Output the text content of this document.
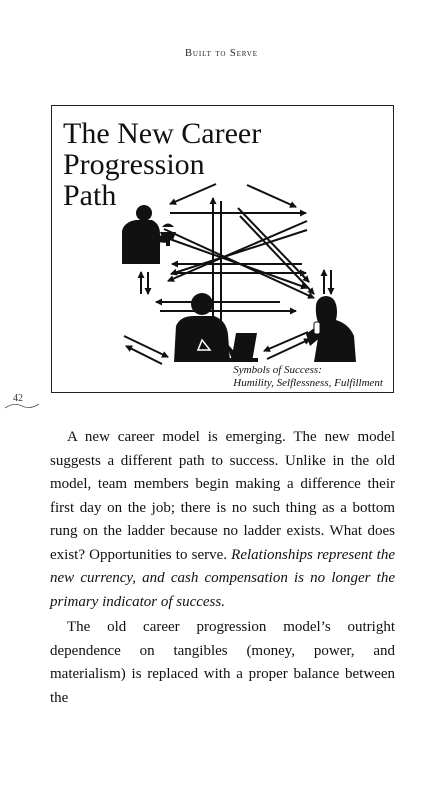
Built to Serve
The New Career
Progression
Path
Symbols of Success:
Humility, Selflessness, Fulfillment
42

A new career model is emerging. The new model suggests a different path to success. Unlike in the old model, team members begin making a difference their first day on the job; there is no such thing as a bottom rung on the ladder because no ladder exists. What does exist? Opportunities to serve. Relationships represent the new currency, and cash compensation is no longer the primary indicator of success.

The old career progression model’s outright dependence on tangibles (money, power, and materialism) is replaced with a proper balance between the
